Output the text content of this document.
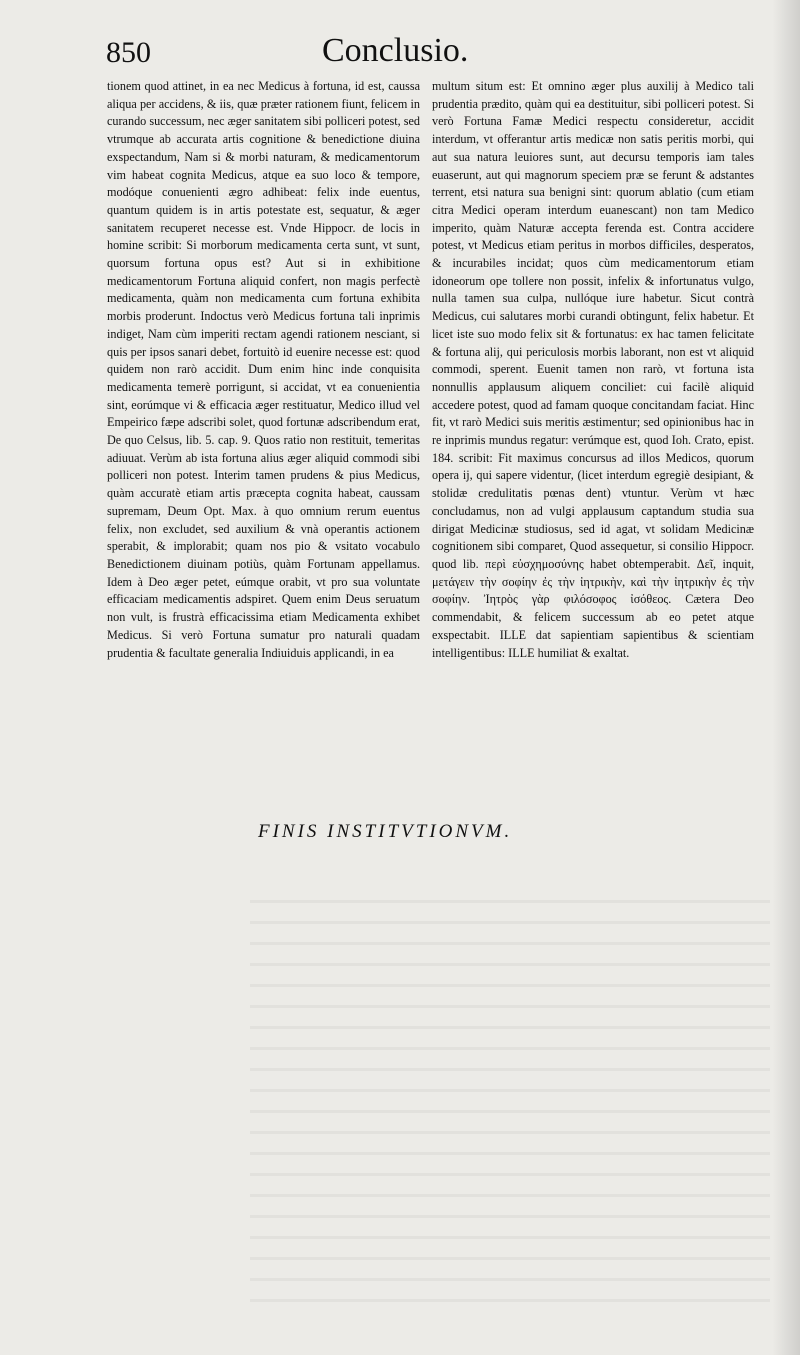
850	Conclusio.

tionem quod attinet, in ea nec Medicus à fortuna, id est, caussa aliqua per accidens, & iis, quæ præter rationem fiunt, felicem in curando successum, nec æger sanitatem sibi polliceri potest, sed vtrumque ab accurata artis cognitione & benedictione diuina exspectandum, Nam si & morbi naturam, & medicamentorum vim habeat cognita Medicus, atque ea suo loco & tempore, modóque conuenienti ægro adhibeat: felix inde euentus, quantum quidem is in artis potestate est, sequatur, & æger sanitatem recuperet necesse est. Vnde Hippocr. de locis in homine scribit: Si morborum medicamenta certa sunt, vt sunt, quorsum fortuna opus est? Aut si in exhibitione medicamentorum Fortuna aliquid confert, non magis perfectè medicamenta, quàm non medicamenta cum fortuna exhibita morbis proderunt. Indoctus verò Medicus fortuna tali inprimis indiget, Nam cùm imperiti rectam agendi rationem nesciant, si quis per ipsos sanari debet, fortuitò id euenire necesse est: quod quidem non rarò accidit. Dum enim hinc inde conquisita medicamenta temerè porrigunt, si accidat, vt ea conuenientia sint, eorúmque vi & efficacia æger restituatur, Medico illud vel Empeirico fæpe adscribi solet, quod fortunæ adscribendum erat, De quo Celsus, lib. 5. cap. 9. Quos ratio non restituit, temeritas adiuuat. Verùm ab ista fortuna alius æger aliquid commodi sibi polliceri non potest. Interim tamen prudens & pius Medicus, quàm accuratè etiam artis præcepta cognita habeat, caussam supremam, Deum Opt. Max. à quo omnium rerum euentus felix, non excludet, sed auxilium & vnà operantis actionem sperabit, & implorabit; quam nos pio & vsitato vocabulo Benedictionem diuinam potiùs, quàm Fortunam appellamus. Idem à Deo æger petet, eúmque orabit, vt pro sua voluntate efficaciam medicamentis adspiret. Quem enim Deus seruatum non vult, is frustrà efficacissima etiam Medicamenta exhibet Medicus. Si verò Fortuna sumatur pro naturali quadam prudentia & facultate generalia Indiuiduis applicandi, in ea

multum situm est: Et omnino æger plus auxilij à Medico tali prudentia prædito, quàm qui ea destituitur, sibi polliceri potest. Si verò Fortuna Famæ Medici respectu consideretur, accidit interdum, vt offerantur artis medicæ non satis peritis morbi, qui aut sua natura leuiores sunt, aut decursu temporis iam tales euaserunt, aut qui magnorum speciem præ se ferunt & adstantes terrent, etsi natura sua benigni sint: quorum ablatio (cum etiam citra Medici operam interdum euanescant) non tam Medico imperito, quàm Naturæ accepta ferenda est. Contra accidere potest, vt Medicus etiam peritus in morbos difficiles, desperatos, & incurabiles incidat; quos cùm medicamentorum etiam idoneorum ope tollere non possit, infelix & infortunatus vulgo, nulla tamen sua culpa, nullóque iure habetur. Sicut contrà Medicus, cui salutares morbi curandi obtingunt, felix habetur. Et licet iste suo modo felix sit & fortunatus: ex hac tamen felicitate & fortuna alij, qui periculosis morbis laborant, non est vt aliquid commodi, sperent. Euenit tamen non rarò, vt fortuna ista nonnullis applausum aliquem conciliet: cui facilè aliquid accedere potest, quod ad famam quoque concitandam faciat. Hinc fit, vt rarò Medici suis meritis æstimentur; sed opinionibus hac in re inprimis mundus regatur: verúmque est, quod Ioh. Crato, epist. 184. scribit: Fit maximus concursus ad illos Medicos, quorum opera ij, qui sapere videntur, (licet interdum egregiè desipiant, & stolidæ credulitatis pœnas dent) vtuntur. Verùm vt hæc concludamus, non ad vulgi applausum captandum studia sua dirigat Medicinæ studiosus, sed id agat, vt solidam Medicinæ cognitionem sibi comparet, Quod assequetur, si consilio Hippocr. quod lib. περὶ εὐσχημοσύνης habet obtemperabit. Δεῖ, inquit, μετάγειν τὴν σοφίην ἐς τὴν ἰητρικὴν, καὶ τὴν ἰητρικὴν ἐς τὴν σοφίην. Ἰητρὸς γὰρ φιλόσοφος ἰσόθεος. Cætera Deo commendabit, & felicem successum ab eo petet atque exspectabit. ILLE dat sapientiam sapientibus & scientiam intelligentibus: ILLE humiliat & exaltat.

FINIS INSTITVTIONVM.
